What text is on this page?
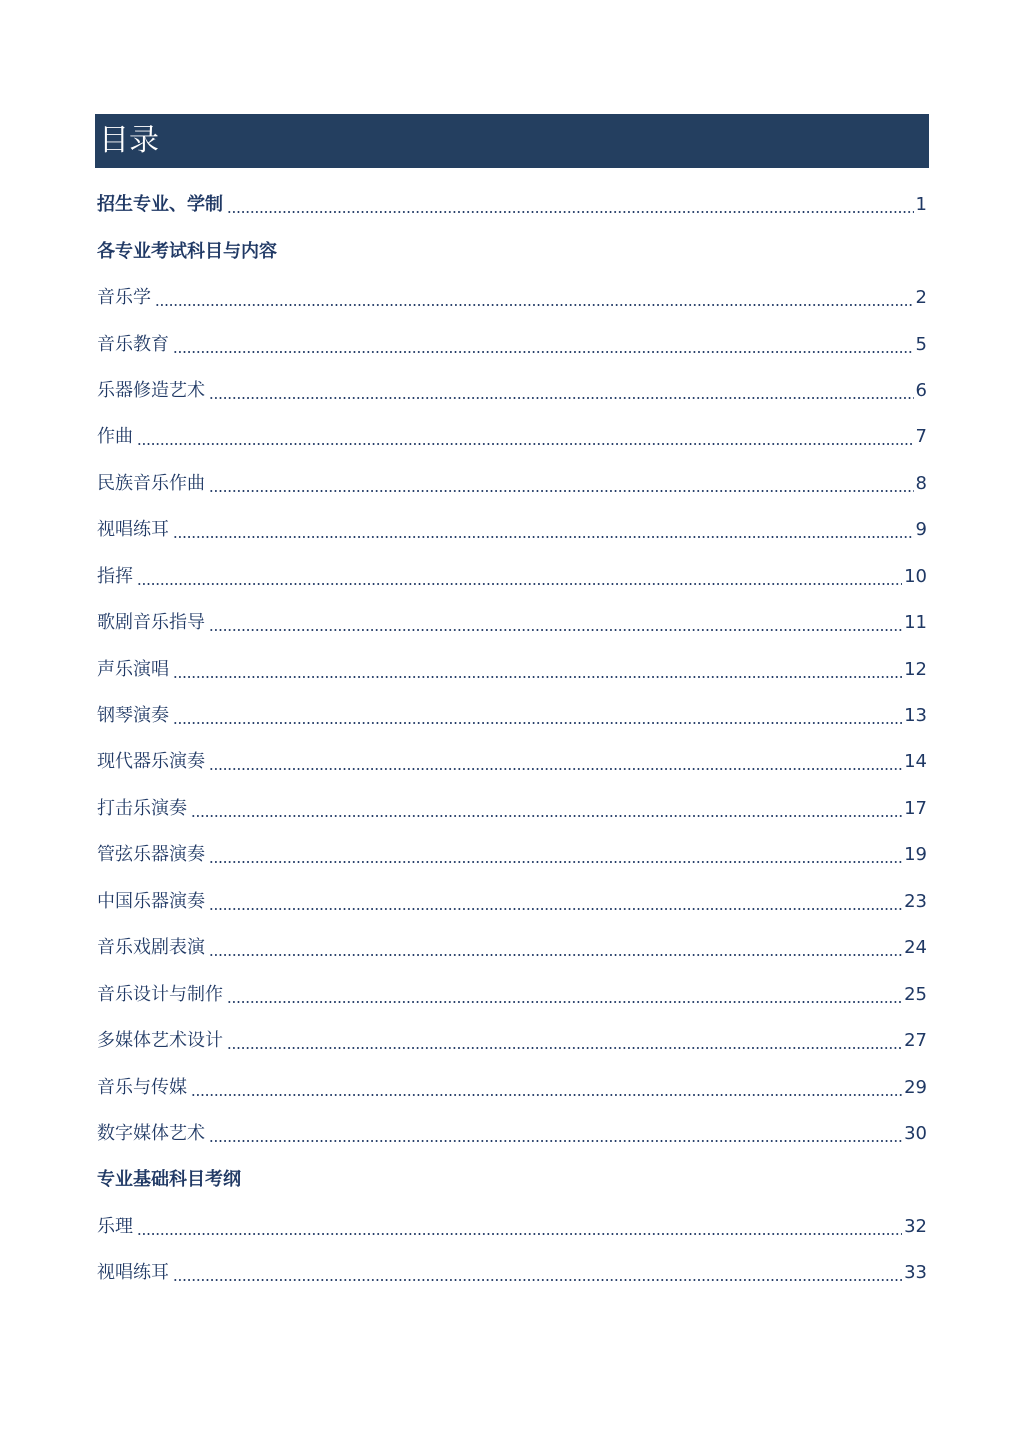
目录
招生专业、学制	1
各专业考试科目与内容
音乐学	2
音乐教育	5
乐器修造艺术	6
作曲	7
民族音乐作曲	8
视唱练耳	9
指挥	10
歌剧音乐指导	11
声乐演唱	12
钢琴演奏	13
现代器乐演奏	14
打击乐演奏	17
管弦乐器演奏	19
中国乐器演奏	23
音乐戏剧表演	24
音乐设计与制作	25
多媒体艺术设计	27
音乐与传媒	29
数字媒体艺术	30
专业基础科目考纲
乐理	32
视唱练耳	33
